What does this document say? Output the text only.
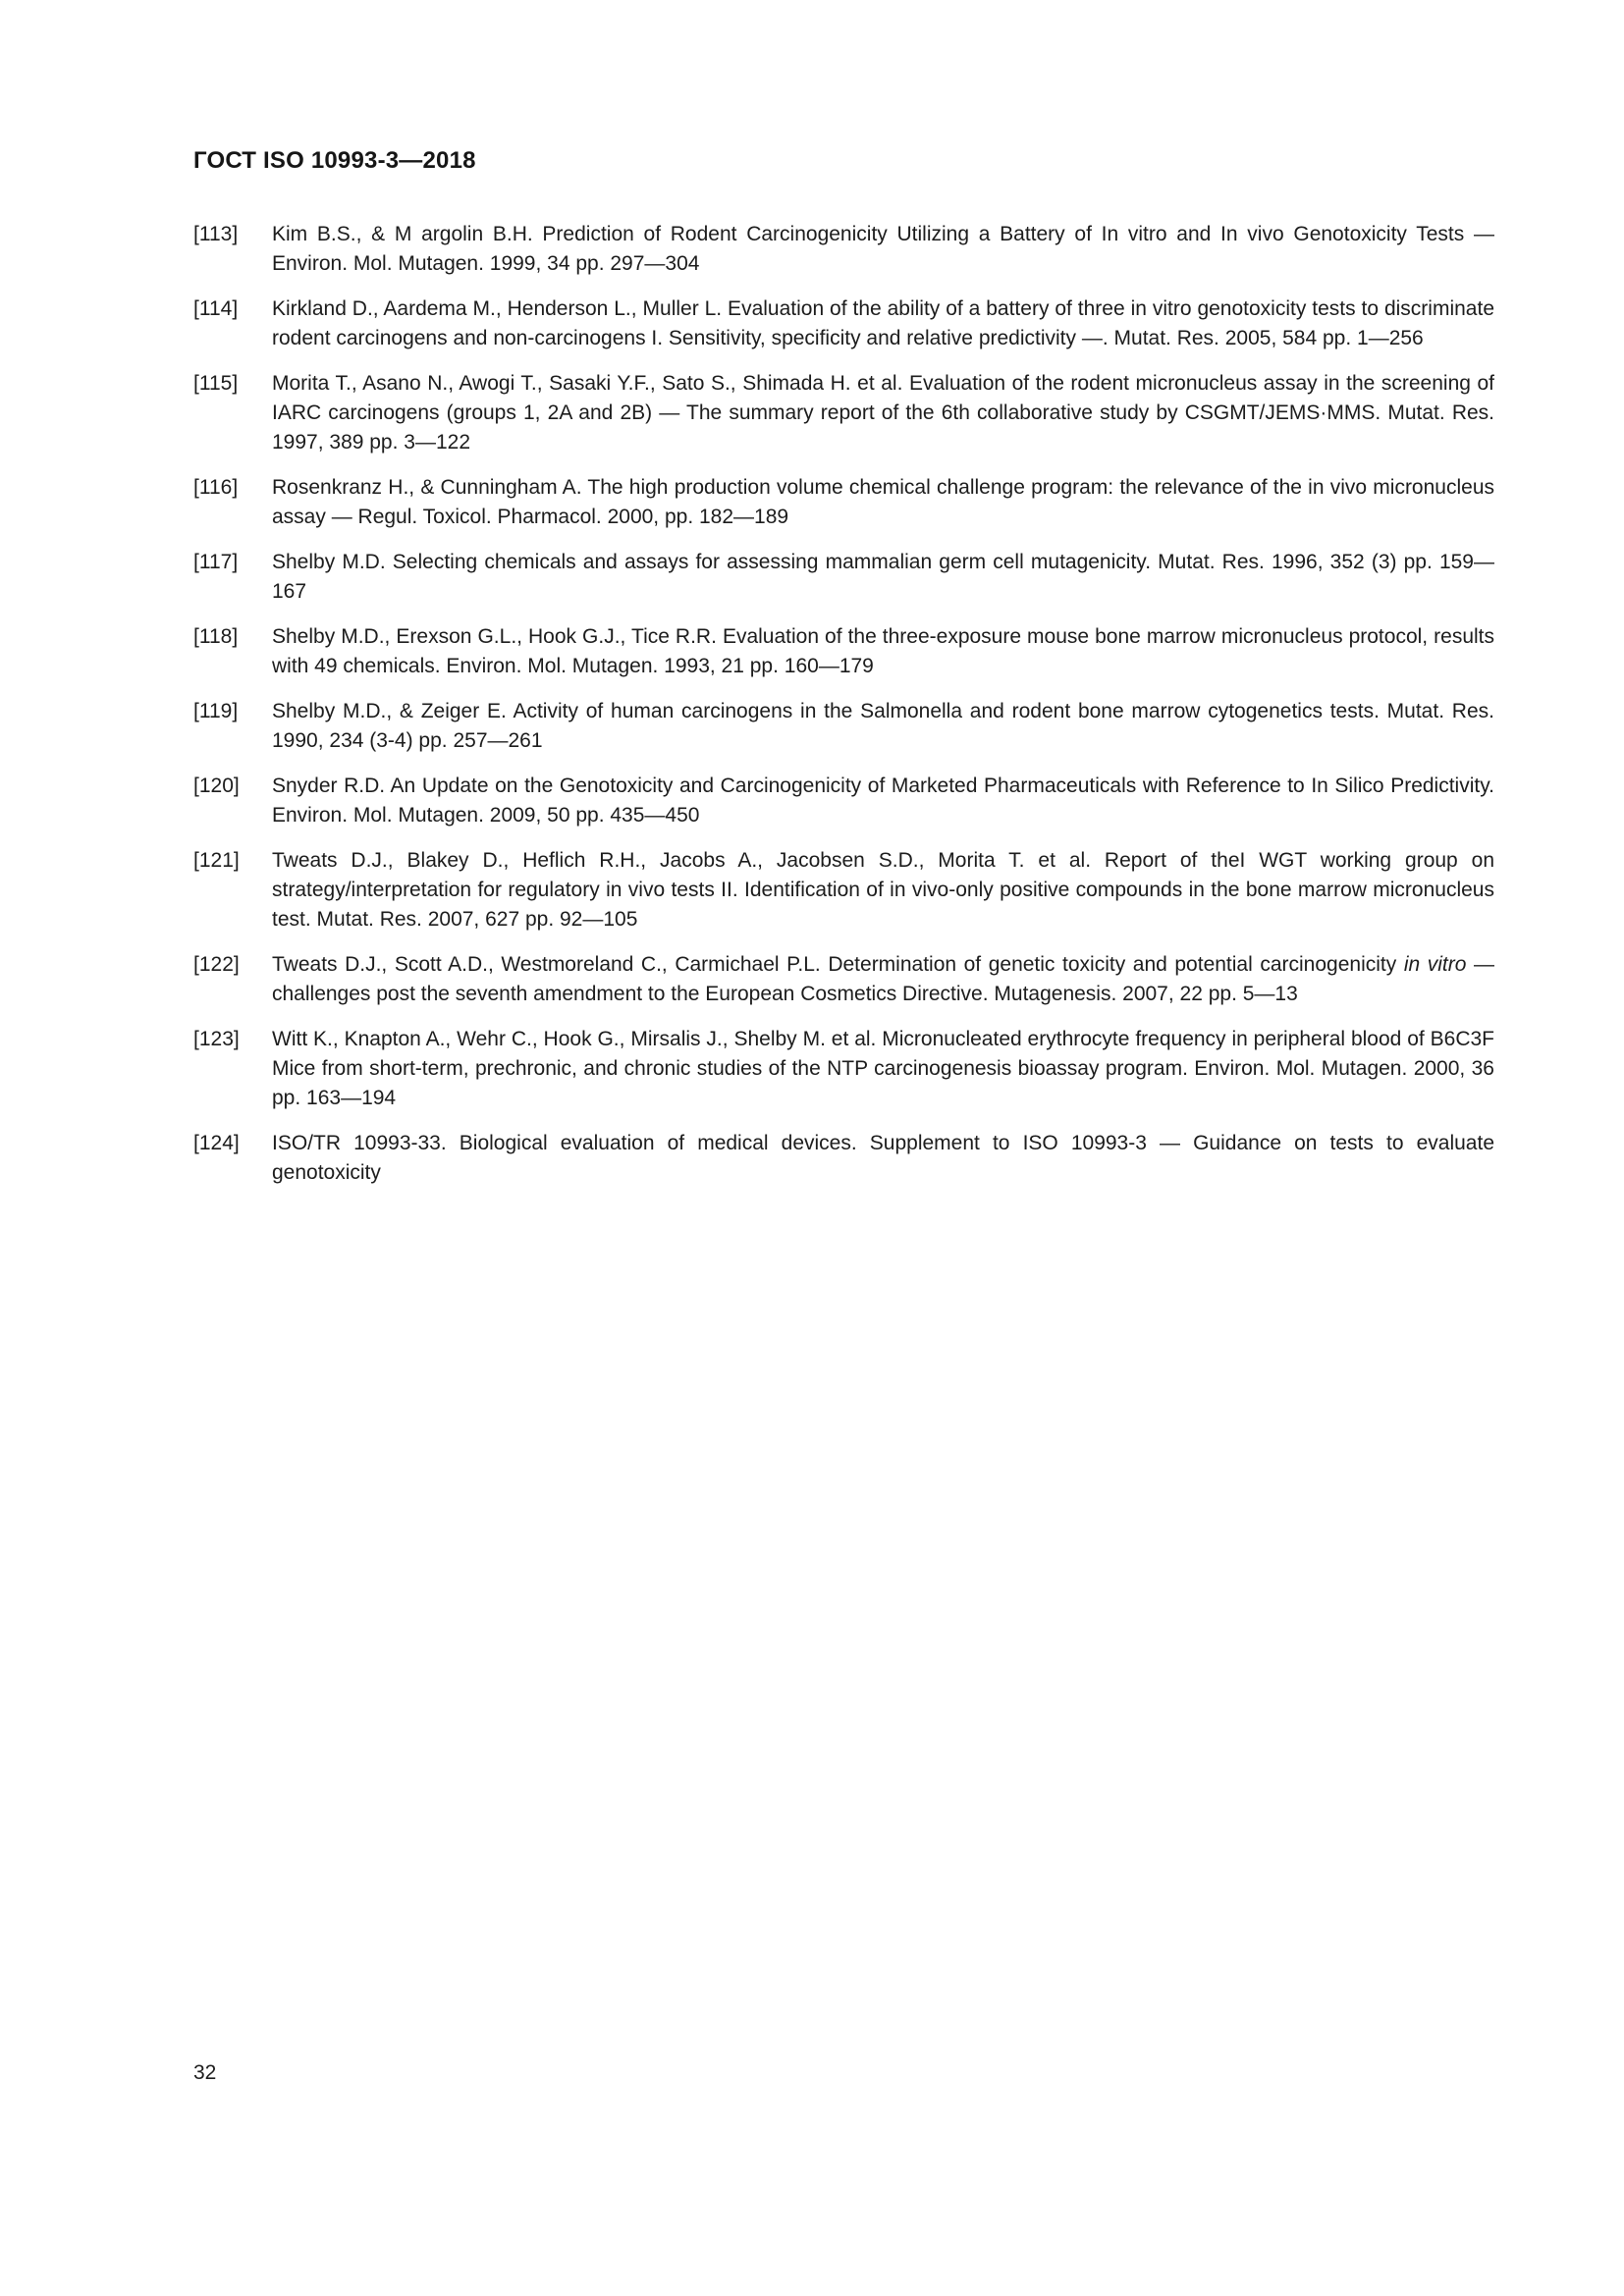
ГОСТ ISO 10993-3—2018
[113]	Kim B.S., & M argolin B.H. Prediction of Rodent Carcinogenicity Utilizing a Battery of In vitro and In vivo Genotoxicity Tests — Environ. Mol. Mutagen. 1999, 34 pp. 297—304
[114]	Kirkland D., Aardema M., Henderson L., Muller L. Evaluation of the ability of a battery of three in vitro genotoxicity tests to discriminate rodent carcinogens and non-carcinogens I. Sensitivity, specificity and relative predictivity —. Mutat. Res. 2005, 584 pp. 1—256
[115]	Morita T., Asano N., Awogi T., Sasaki Y.F., Sato S., Shimada H. et al. Evaluation of the rodent micronucleus assay in the screening of IARC carcinogens (groups 1, 2A and 2B) — The summary report of the 6th collaborative study by CSGMT/JEMS·MMS. Mutat. Res. 1997, 389 pp. 3—122
[116]	Rosenkranz H., & Cunningham A. The high production volume chemical challenge program: the relevance of the in vivo micronucleus assay — Regul. Toxicol. Pharmacol. 2000, pp. 182—189
[117]	Shelby M.D. Selecting chemicals and assays for assessing mammalian germ cell mutagenicity. Mutat. Res. 1996, 352 (3) pp. 159—167
[118]	Shelby M.D., Erexson G.L., Hook G.J., Tice R.R. Evaluation of the three-exposure mouse bone marrow micronucleus protocol, results with 49 chemicals. Environ. Mol. Mutagen. 1993, 21 pp. 160—179
[119]	Shelby M.D., & Zeiger E. Activity of human carcinogens in the Salmonella and rodent bone marrow cytogenetics tests. Mutat. Res. 1990, 234 (3-4) pp. 257—261
[120]	Snyder R.D. An Update on the Genotoxicity and Carcinogenicity of Marketed Pharmaceuticals with Reference to In Silico Predictivity. Environ. Mol. Mutagen. 2009, 50 pp. 435—450
[121]	Tweats D.J., Blakey D., Heflich R.H., Jacobs A., Jacobsen S.D., Morita T. et al. Report of theI WGT working group on strategy/interpretation for regulatory in vivo tests II. Identification of in vivo-only positive compounds in the bone marrow micronucleus test. Mutat. Res. 2007, 627 pp. 92—105
[122]	Tweats D.J., Scott A.D., Westmoreland C., Carmichael P.L. Determination of genetic toxicity and potential carcinogenicity in vitro — challenges post the seventh amendment to the European Cosmetics Directive. Mutagenesis. 2007, 22 pp. 5—13
[123]	Witt K., Knapton A., Wehr C., Hook G., Mirsalis J., Shelby M. et al. Micronucleated erythrocyte frequency in peripheral blood of B6C3F Mice from short-term, prechronic, and chronic studies of the NTP carcinogenesis bioassay program. Environ. Mol. Mutagen. 2000, 36 pp. 163—194
[124]	ISO/TR 10993-33. Biological evaluation of medical devices. Supplement to ISO 10993-3 — Guidance on tests to evaluate genotoxicity
32
